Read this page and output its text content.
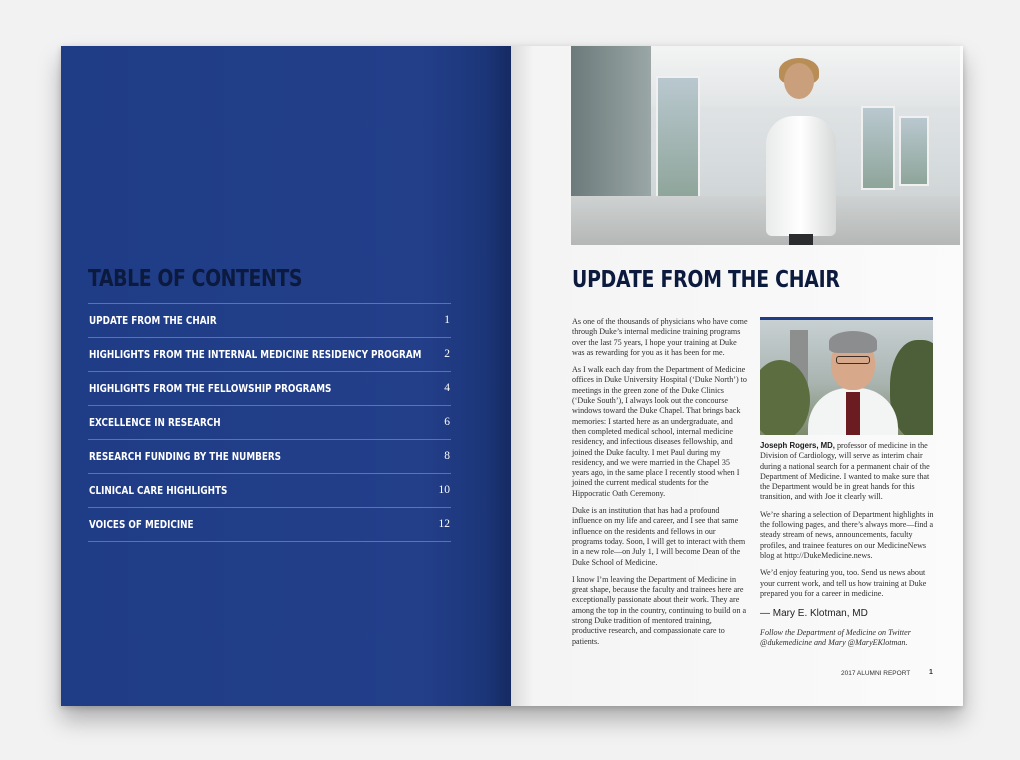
TABLE OF CONTENTS
UPDATE FROM THE CHAIR	1
HIGHLIGHTS FROM THE INTERNAL MEDICINE RESIDENCY PROGRAM 2
HIGHLIGHTS FROM THE FELLOWSHIP PROGRAMS	4
EXCELLENCE IN RESEARCH	6
RESEARCH FUNDING BY THE NUMBERS	8
CLINICAL CARE HIGHLIGHTS	10
VOICES OF MEDICINE	12
UPDATE FROM THE CHAIR

As one of the thousands of physicians who have come through Duke’s internal medicine training programs over the last 75 years, I hope your training at Duke was as rewarding for you as it has been for me.

As I walk each day from the Department of Medicine offices in Duke University Hospital (‘Duke North’) to meetings in the green zone of the Duke Clinics (‘Duke South’), I always look out the concourse windows toward the Duke Chapel. That brings back memories: I started here as an undergraduate, and then completed medical school, internal medicine residency, and infectious diseases fellowship, and joined the Duke faculty. I met Paul during my residency, and we were married in the Chapel 35 years ago, in the same place I recently stood when I joined the current medical students for the Hippocratic Oath Ceremony.

Duke is an institution that has had a profound influence on my life and career, and I see that same influence on the residents and fellows in our programs today. Soon, I will get to interact with them in a new role—on July 1, I will become Dean of the Duke School of Medicine.

I know I’m leaving the Department of Medicine in great shape, because the faculty and trainees here are exceptionally passionate about their work. They are among the top in the country, continuing to build on a strong Duke tradition of mentored training, productive research, and compassionate care to patients.

Joseph Rogers, MD, professor of medicine in the Division of Cardiology, will serve as interim chair during a national search for a permanent chair of the Department of Medicine. I wanted to make sure that the Department would be in great hands for this transition, and with Joe it clearly will.

We’re sharing a selection of Department highlights in the following pages, and there’s always more—find a steady stream of news, announcements, faculty profiles, and trainee features on our MedicineNews blog at http://DukeMedicine.news.

We’d enjoy featuring you, too. Send us news about your current work, and tell us how training at Duke prepared you for a career in medicine.

— Mary E. Klotman, MD

Follow the Department of Medicine on Twitter @dukemedicine and Mary @MaryEKlotman.

2017 ALUMNI REPORT	1
